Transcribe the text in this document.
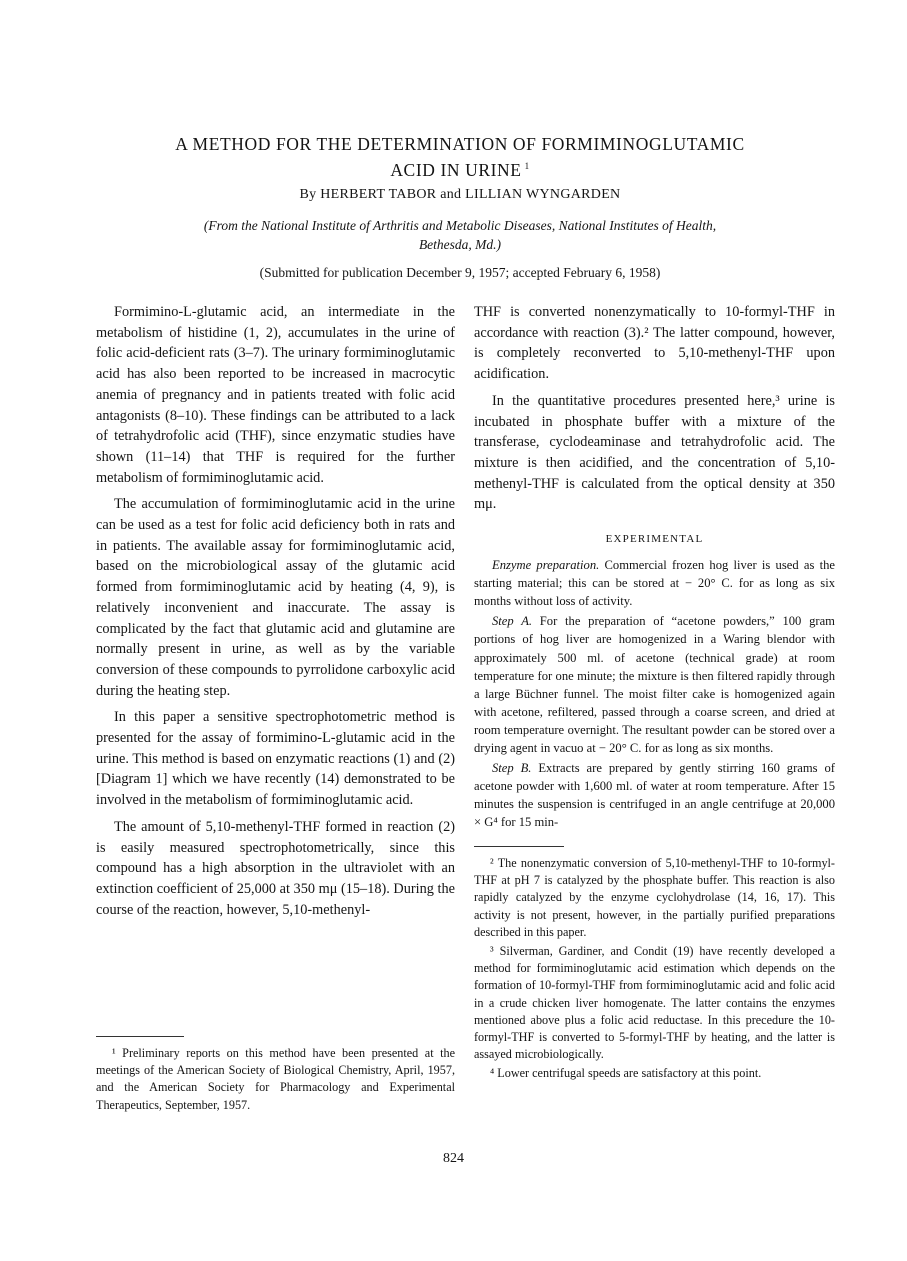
A METHOD FOR THE DETERMINATION OF FORMIMINOGLUTAMIC
ACID IN URINE $^1$
By HERBERT TABOR and LILLIAN WYNGARDEN
(From the National Institute of Arthritis and Metabolic Diseases, National Institutes of Health,
Bethesda, Md.)
(Submitted for publication December 9, 1957; accepted February 6, 1958)

Formimino-L-glutamic acid, an intermediate in the metabolism of histidine (1, 2), accumulates in the urine of folic acid-deficient rats (3–7). The urinary formiminoglutamic acid has also been reported to be increased in macrocytic anemia of pregnancy and in patients treated with folic acid antagonists (8–10). These findings can be attributed to a lack of tetrahydrofolic acid (THF), since enzymatic studies have shown (11–14) that THF is required for the further metabolism of formiminoglutamic acid.

The accumulation of formiminoglutamic acid in the urine can be used as a test for folic acid deficiency both in rats and in patients. The available assay for formiminoglutamic acid, based on the microbiological assay of the glutamic acid formed from formiminoglutamic acid by heating (4, 9), is relatively inconvenient and inaccurate. The assay is complicated by the fact that glutamic acid and glutamine are normally present in urine, as well as by the variable conversion of these compounds to pyrrolidone carboxylic acid during the heating step.

In this paper a sensitive spectrophotometric method is presented for the assay of formimino-L-glutamic acid in the urine. This method is based on enzymatic reactions (1) and (2) [Diagram 1] which we have recently (14) demonstrated to be involved in the metabolism of formiminoglutamic acid.

The amount of 5,10-methenyl-THF formed in reaction (2) is easily measured spectrophotometrically, since this compound has a high absorption in the ultraviolet with an extinction coefficient of 25,000 at 350 mμ (15–18). During the course of the reaction, however, 5,10-methenyl-

¹ Preliminary reports on this method have been presented at the meetings of the American Society of Biological Chemistry, April, 1957, and the American Society for Pharmacology and Experimental Therapeutics, September, 1957.

THF is converted nonenzymatically to 10-formyl-THF in accordance with reaction (3).² The latter compound, however, is completely reconverted to 5,10-methenyl-THF upon acidification.

In the quantitative procedures presented here,³ urine is incubated in phosphate buffer with a mixture of the transferase, cyclodeaminase and tetrahydrofolic acid. The mixture is then acidified, and the concentration of 5,10-methenyl-THF is calculated from the optical density at 350 mμ.

EXPERIMENTAL

Enzyme preparation. Commercial frozen hog liver is used as the starting material; this can be stored at − 20° C. for as long as six months without loss of activity.

Step A. For the preparation of “acetone powders,” 100 gram portions of hog liver are homogenized in a Waring blendor with approximately 500 ml. of acetone (technical grade) at room temperature for one minute; the mixture is then filtered rapidly through a large Büchner funnel. The moist filter cake is homogenized again with acetone, refiltered, passed through a coarse screen, and dried at room temperature overnight. The resultant powder can be stored over a drying agent in vacuo at − 20° C. for as long as six months.

Step B. Extracts are prepared by gently stirring 160 grams of acetone powder with 1,600 ml. of water at room temperature. After 15 minutes the suspension is centrifuged in an angle centrifuge at 20,000 × G⁴ for 15 min-

² The nonenzymatic conversion of 5,10-methenyl-THF to 10-formyl-THF at pH 7 is catalyzed by the phosphate buffer. This reaction is also rapidly catalyzed by the enzyme cyclohydrolase (14, 16, 17). This activity is not present, however, in the partially purified preparations described in this paper.

³ Silverman, Gardiner, and Condit (19) have recently developed a method for formiminoglutamic acid estimation which depends on the formation of 10-formyl-THF from formiminoglutamic acid and folic acid in a crude chicken liver homogenate. The latter contains the enzymes mentioned above plus a folic acid reductase. In this precedure the 10-formyl-THF is converted to 5-formyl-THF by heating, and the latter is assayed microbiologically.

⁴ Lower centrifugal speeds are satisfactory at this point.

824
